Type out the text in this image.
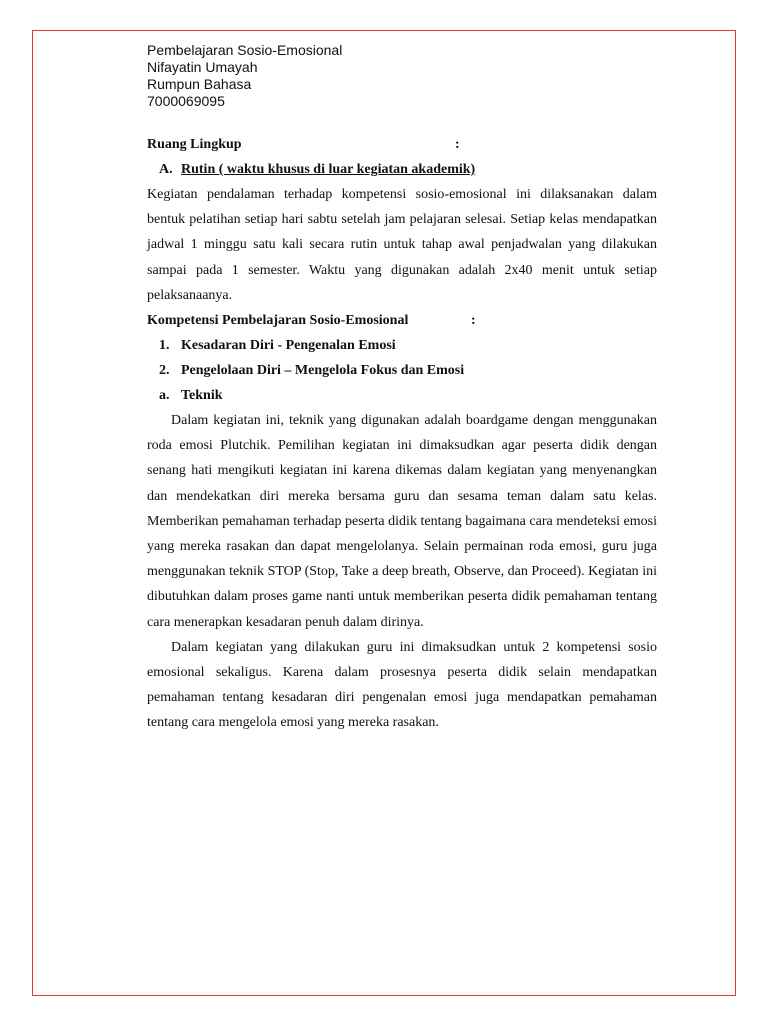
Pembelajaran Sosio-Emosional

Nifayatin Umayah

Rumpun Bahasa

7000069095

Ruang Lingkup	:
A. Rutin ( waktu khusus di luar kegiatan akademik)

Kegiatan pendalaman terhadap kompetensi sosio-emosional ini dilaksanakan dalam bentuk pelatihan setiap hari sabtu setelah jam pelajaran selesai. Setiap kelas mendapatkan jadwal 1 minggu satu kali secara rutin untuk tahap awal penjadwalan yang dilakukan sampai pada 1 semester. Waktu yang digunakan adalah 2x40 menit untuk setiap pelaksanaanya.

Kompetensi Pembelajaran Sosio-Emosional	:
1. Kesadaran Diri - Pengenalan Emosi
2. Pengelolaan Diri – Mengelola Fokus dan Emosi
a. Teknik

Dalam kegiatan ini, teknik yang digunakan adalah boardgame dengan menggunakan roda emosi Plutchik. Pemilihan kegiatan ini dimaksudkan agar peserta didik dengan senang hati mengikuti kegiatan ini karena dikemas dalam kegiatan yang menyenangkan dan mendekatkan diri mereka bersama guru dan sesama teman dalam satu kelas. Memberikan pemahaman terhadap peserta didik tentang bagaimana cara mendeteksi emosi yang mereka rasakan dan dapat mengelolanya. Selain permainan roda emosi, guru juga menggunakan teknik STOP (Stop, Take a deep breath, Observe, dan Proceed). Kegiatan ini dibutuhkan dalam proses game nanti untuk memberikan peserta didik pemahaman tentang cara menerapkan kesadaran penuh dalam dirinya.

Dalam kegiatan yang dilakukan guru ini dimaksudkan untuk 2 kompetensi sosio emosional sekaligus. Karena dalam prosesnya peserta didik selain mendapatkan pemahaman tentang kesadaran diri pengenalan emosi juga mendapatkan pemahaman tentang cara mengelola emosi yang mereka rasakan.
